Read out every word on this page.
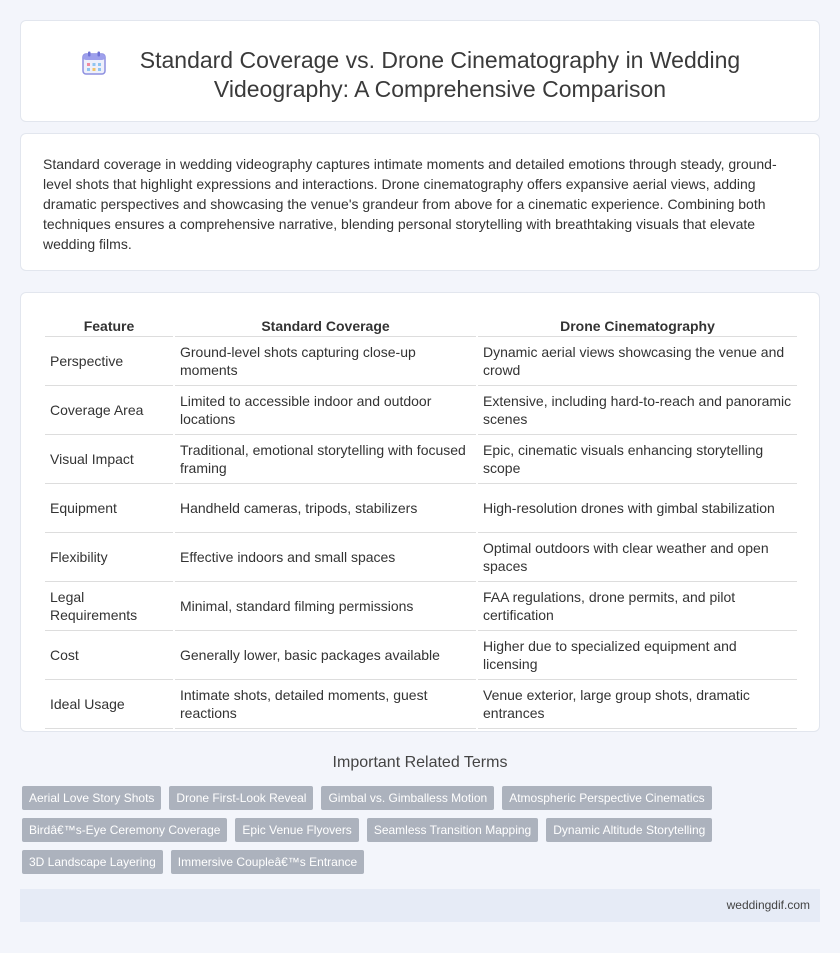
Standard Coverage vs. Drone Cinematography in Wedding Videography: A Comprehensive Comparison

Standard coverage in wedding videography captures intimate moments and detailed emotions through steady, ground-level shots that highlight expressions and interactions. Drone cinematography offers expansive aerial views, adding dramatic perspectives and showcasing the venue's grandeur from above for a cinematic experience. Combining both techniques ensures a comprehensive narrative, blending personal storytelling with breathtaking visuals that elevate wedding films.

Feature	Standard Coverage	Drone Cinematography
Perspective	Ground-level shots capturing close-up moments	Dynamic aerial views showcasing the venue and crowd
Coverage Area	Limited to accessible indoor and outdoor locations	Extensive, including hard-to-reach and panoramic scenes
Visual Impact	Traditional, emotional storytelling with focused framing	Epic, cinematic visuals enhancing storytelling scope
Equipment	Handheld cameras, tripods, stabilizers	High-resolution drones with gimbal stabilization
Flexibility	Effective indoors and small spaces	Optimal outdoors with clear weather and open spaces
Legal Requirements	Minimal, standard filming permissions	FAA regulations, drone permits, and pilot certification
Cost	Generally lower, basic packages available	Higher due to specialized equipment and licensing
Ideal Usage	Intimate shots, detailed moments, guest reactions	Venue exterior, large group shots, dramatic entrances
Important Related Terms
Aerial Love Story Shots	Drone First-Look Reveal	Gimbal vs. Gimballess Motion	Atmospheric Perspective Cinematics
Birdâ€™s-Eye Ceremony Coverage	Epic Venue Flyovers	Seamless Transition Mapping	Dynamic Altitude Storytelling
3D Landscape Layering	Immersive Coupleâ€™s Entrance
weddingdif.com
